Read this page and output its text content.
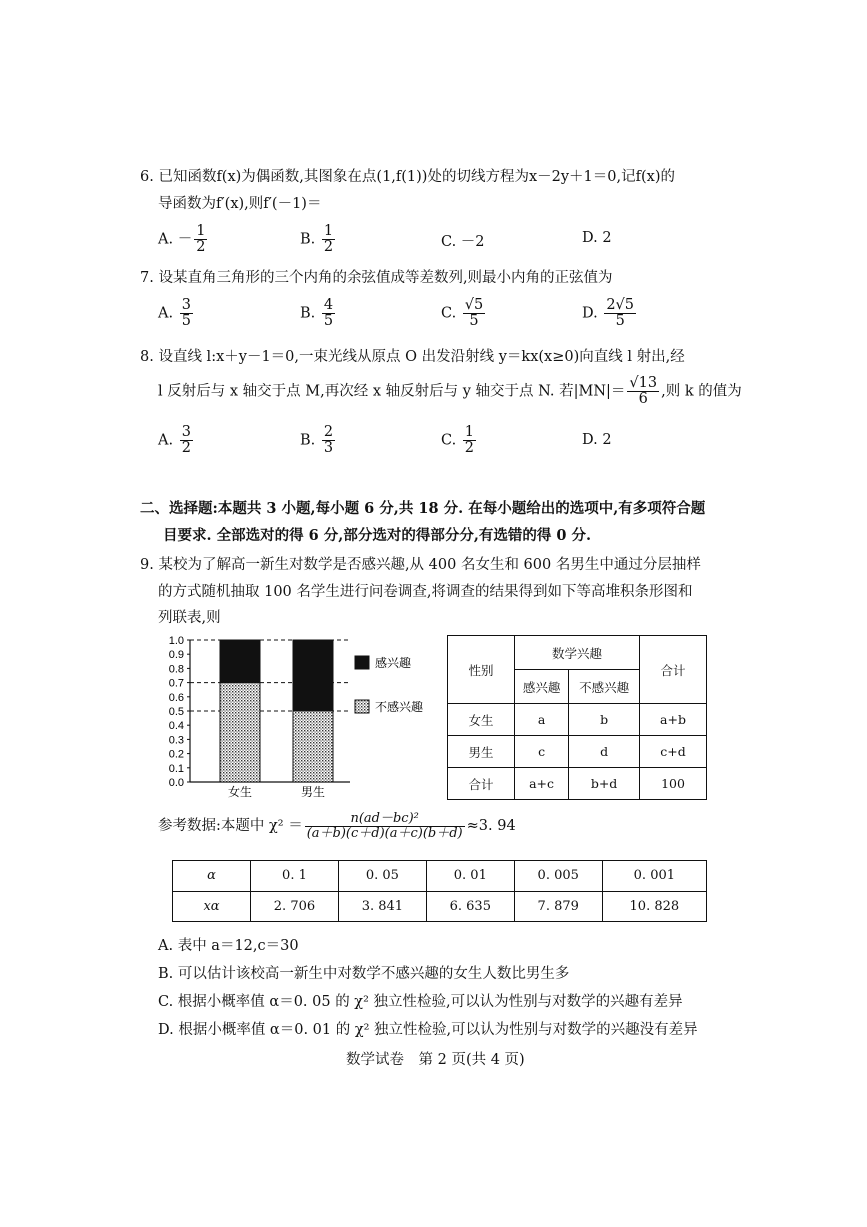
6. 已知函数f(x)为偶函数,其图象在点(1,f(1))处的切线方程为x－2y＋1＝0,记f(x)的
导函数为f′(x),则f′(－1)＝
A. － $\frac{1}{2}$	B. $\frac{1}{2}$	C. －2	D. 2
7. 设某直角三角形的三个内角的余弦值成等差数列,则最小内角的正弦值为
A. $\frac{3}{5}$	B. $\frac{4}{5}$	C. $\frac{√5}{5}$	D. $\frac{2√5}{5}$
8. 设直线 l:x＋y－1＝0,一束光线从原点 O 出发沿射线 y＝kx(x≥0)向直线 l 射出,经
l 反射后与 x 轴交于点 M,再次经 x 轴反射后与 y 轴交于点 N. 若$|MN|= \frac{√13}{6}$ ,则 k 的值为
A. $\frac{3}{2}$	B. $\frac{2}{3}$	C. $\frac{1}{2}$	D. 2
二、选择题:本题共 3 小题,每小题 6 分,共 18 分. 在每小题给出的选项中,有多项符合题
目要求. 全部选对的得 6 分,部分选对的得部分分,有选错的得 0 分.
9. 某校为了解高一新生对数学是否感兴趣,从 400 名女生和 600 名男生中通过分层抽样
的方式随机抽取 100 名学生进行问卷调查,将调查的结果得到如下等高堆积条形图和
列联表,则
0.0
0.1
0.2
0.3
0.4
0.5
0.6
0.7
0.8
0.9
1.0
女生	男生
感兴趣
不感兴趣
性别	数学兴趣		合计
	感兴趣	不感兴趣	
女生	a	b	a+b
男生	c	d	c+d
合计	a+c	b+d	100
参考数据:本题中 $\chi^2 = \frac{\text{n(ad－bc)²}}{(a+b)(c+d)(a+c)(b+d)} \approx 3$. 94
α	0. 1	0. 05	0. 01	0. 005	0. 001
xα	2. 706	3. 841	6. 635	7. 879	10. 828
A. 表中 a＝12,c＝30
B. 可以估计该校高一新生中对数学不感兴趣的女生人数比男生多
C. 根据小概率值 α＝0. 05 的 χ² 独立性检验,可以认为性别与对数学的兴趣有差异
D. 根据小概率值 α＝0. 01 的 χ² 独立性检验,可以认为性别与对数学的兴趣没有差异
数学试卷　第 2 页(共 4 页)
